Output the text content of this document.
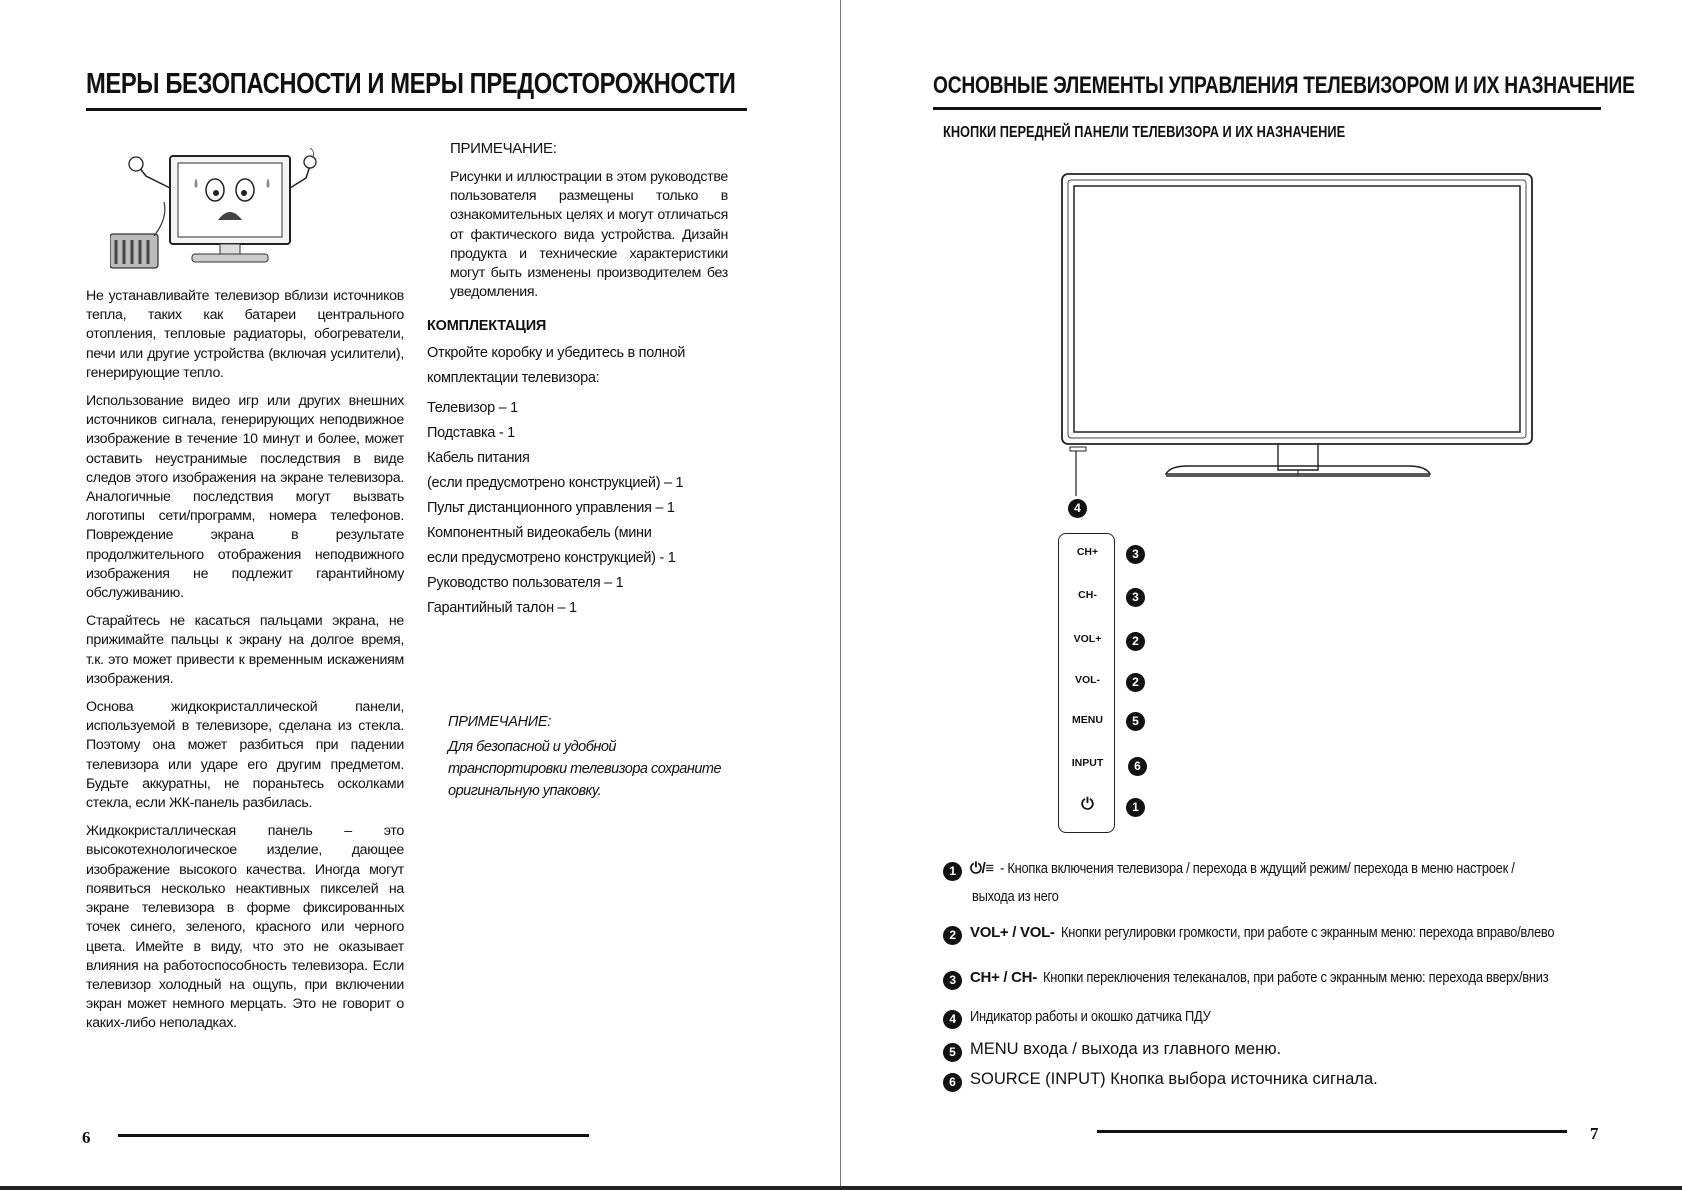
МЕРЫ БЕЗОПАСНОСТИ И МЕРЫ ПРЕДОСТОРОЖНОСТИ

Не устанавливайте телевизор вблизи источников тепла, таких как батареи центрального отопления, тепловые радиаторы, обогреватели, печи или другие устройства (включая усилители), генерирующие тепло.

Использование видео игр или других внешних источников сигнала, генерирующих неподвижное изображение в течение 10 минут и более, может оставить неустранимые последствия в виде следов этого изображения на экране телевизора. Аналогичные последствия могут вызвать логотипы сети/программ, номера телефонов. Повреждение экрана в результате продолжительного отображения неподвижного изображения не подлежит гарантийному обслуживанию.

Старайтесь не касаться пальцами экрана, не прижимайте пальцы к экрану на долгое время, т.к. это может привести к временным искажениям изображения.

Основа жидкокристаллической панели, используемой в телевизоре, сделана из стекла. Поэтому она может разбиться при падении телевизора или ударе его другим предметом. Будьте аккуратны, не пораньтесь осколками стекла, если ЖК-панель разбилась.

Жидкокристаллическая панель – это высокотехнологическое изделие, дающее изображение высокого качества. Иногда могут появиться несколько неактивных пикселей на экране телевизора в форме фиксированных точек синего, зеленого, красного или черного цвета. Имейте в виду, что это не оказывает влияния на работоспособность телевизора. Если телевизор холодный на ощупь, при включении экран может немного мерцать. Это не говорит о каких-либо неполадках.

ПРИМЕЧАНИЕ:
Рисунки и иллюстрации в этом руководстве пользователя размещены только в ознакомительных целях и могут отличаться от фактического вида устройства. Дизайн продукта и технические характеристики могут быть изменены производителем без уведомления.
КОМПЛЕКТАЦИЯ
Откройте коробку и убедитесь в полной комплектации телевизора:
Телевизор – 1
Подставка - 1
Кабель питания
(если предусмотрено конструкцией) – 1
Пульт дистанционного управления – 1
Компонентный видеокабель (мини
если предусмотрено конструкцией) - 1
Руководство пользователя – 1
Гарантийный талон – 1
ПРИМЕЧАНИЕ:
Для безопасной и удобной транспортировки телевизора сохраните оригинальную упаковку.
6
ОСНОВНЫЕ ЭЛЕМЕНТЫ УПРАВЛЕНИЯ ТЕЛЕВИЗОРОМ И ИХ НАЗНАЧЕНИЕ
КНОПКИ ПЕРЕДНЕЙ ПАНЕЛИ ТЕЛЕВИЗОРА И ИХ НАЗНАЧЕНИЕ
4
CH+
CH-
VOL+
VOL-
MENU
INPUT
⏻
3
3
2
2
5
6
1
1 ⏻/≡ - Кнопка включения телевизора / перехода в ждущий режим/ перехода в меню настроек /
выхода из него
2 VOL+ / VOL- Кнопки регулировки громкости, при работе с экранным меню: перехода вправо/влево
3 CH+ / CH- Кнопки переключения телеканалов, при работе с экранным меню: перехода вверх/вниз
4 Индикатор работы и окошко датчика ПДУ
5 MENU входа / выхода из главного меню.
6 SOURCE (INPUT) Кнопка выбора источника сигнала.
7
